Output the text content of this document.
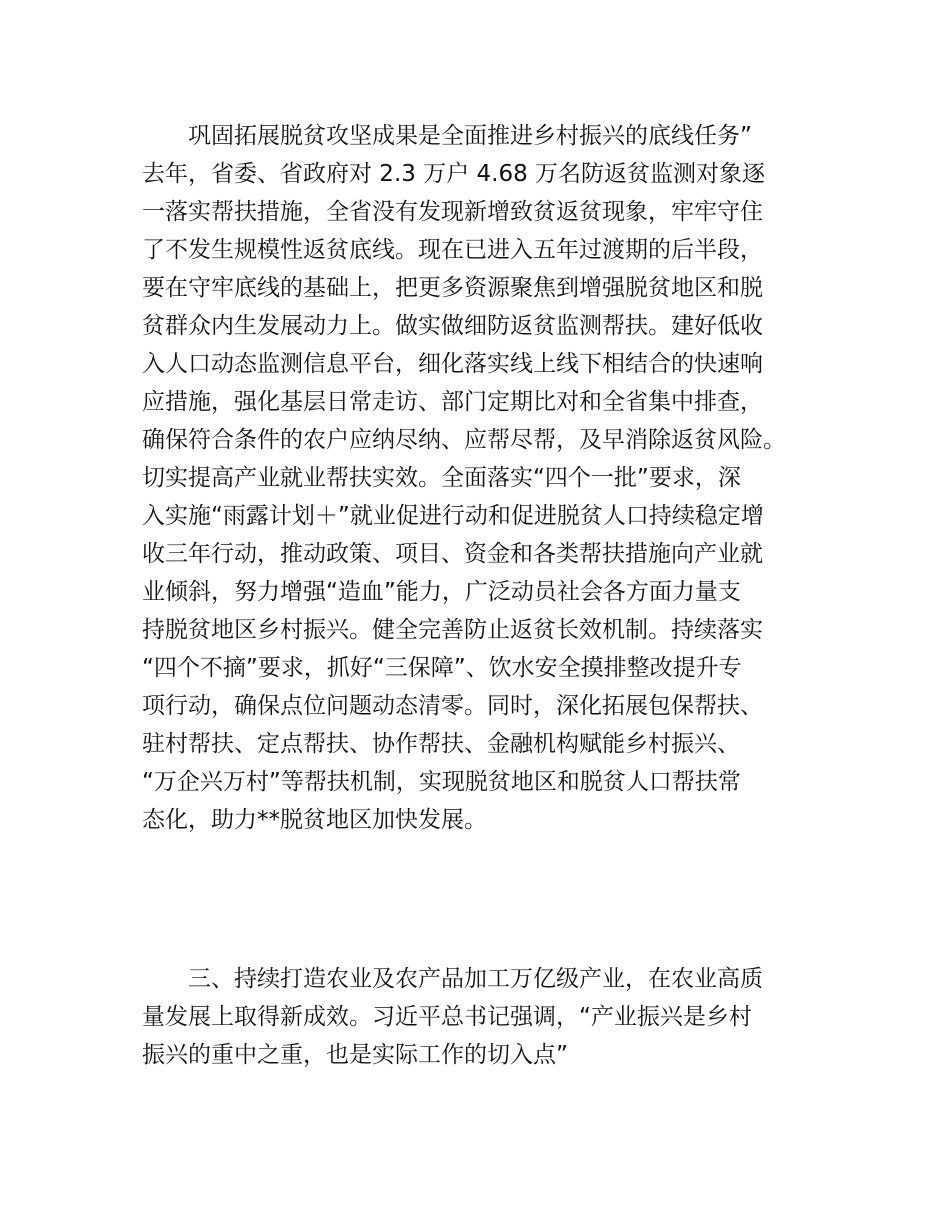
巩固拓展脱贫攻坚成果是全面推进乡村振兴的底线任务”
去年，省委、省政府对 2.3 万户 4.68 万名防返贫监测对象逐
一落实帮扶措施，全省没有发现新增致贫返贫现象，牢牢守住
了不发生规模性返贫底线。现在已进入五年过渡期的后半段，
要在守牢底线的基础上，把更多资源聚焦到增强脱贫地区和脱
贫群众内生发展动力上。做实做细防返贫监测帮扶。建好低收
入人口动态监测信息平台，细化落实线上线下相结合的快速响
应措施，强化基层日常走访、部门定期比对和全省集中排查，
确保符合条件的农户应纳尽纳、应帮尽帮，及早消除返贫风险。
切实提高产业就业帮扶实效。全面落实“四个一批”要求，深
入实施“雨露计划＋”就业促进行动和促进脱贫人口持续稳定增
收三年行动，推动政策、项目、资金和各类帮扶措施向产业就
业倾斜，努力增强“造血”能力，广泛动员社会各方面力量支
持脱贫地区乡村振兴。健全完善防止返贫长效机制。持续落实
“四个不摘”要求，抓好“三保障”、饮水安全摸排整改提升专
项行动，确保点位问题动态清零。同时，深化拓展包保帮扶、
驻村帮扶、定点帮扶、协作帮扶、金融机构赋能乡村振兴、
“万企兴万村”等帮扶机制，实现脱贫地区和脱贫人口帮扶常
态化，助力**脱贫地区加快发展。
三、持续打造农业及农产品加工万亿级产业，在农业高质
量发展上取得新成效。习近平总书记强调，“产业振兴是乡村
振兴的重中之重，也是实际工作的切入点”
